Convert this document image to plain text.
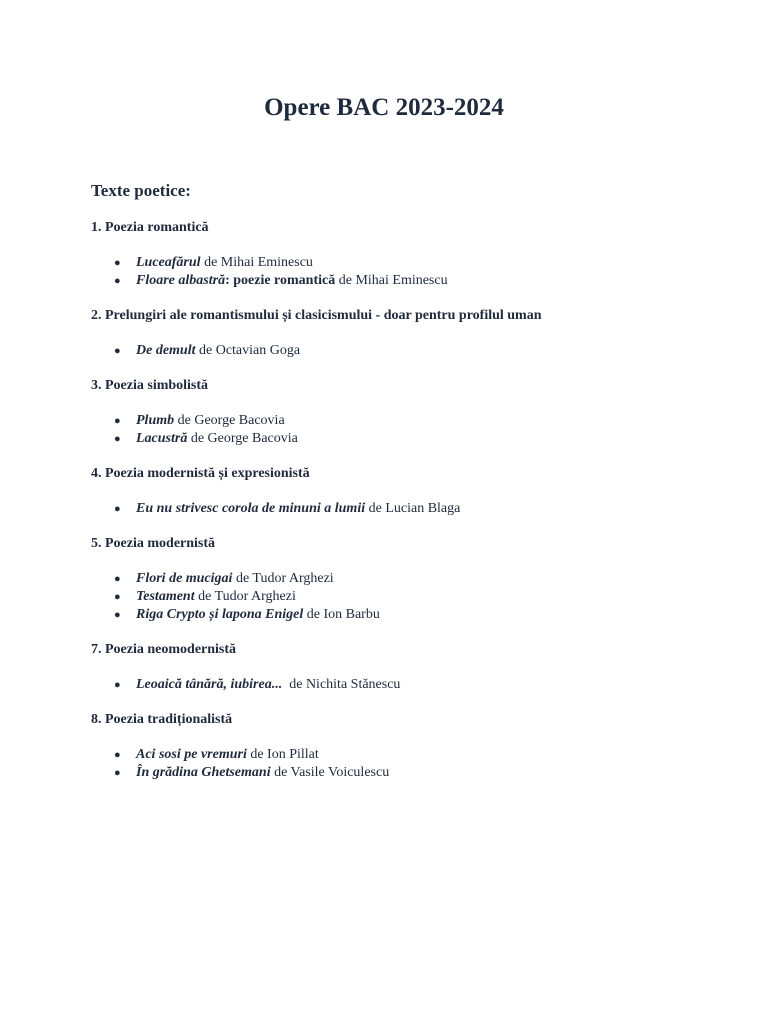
Opere BAC 2023-2024
Texte poetice:

1. Poezia romantică

● Luceafărul de Mihai Eminescu
● Floare albastră: poezie romantică de Mihai Eminescu

2. Prelungiri ale romantismului și clasicismului - doar pentru profilul uman

● De demult de Octavian Goga

3. Poezia simbolistă

● Plumb de George Bacovia
● Lacustră de George Bacovia

4. Poezia modernistă și expresionistă

● Eu nu strivesc corola de minuni a lumii de Lucian Blaga

5. Poezia modernistă

● Flori de mucigai de Tudor Arghezi
● Testament de Tudor Arghezi
● Riga Crypto și lapona Enigel de Ion Barbu

7. Poezia neomodernistă

● Leoaică tânără, iubirea...  de Nichita Stănescu

8. Poezia tradiționalistă

● Aci sosi pe vremuri de Ion Pillat
● În grădina Ghetsemani de Vasile Voiculescu
